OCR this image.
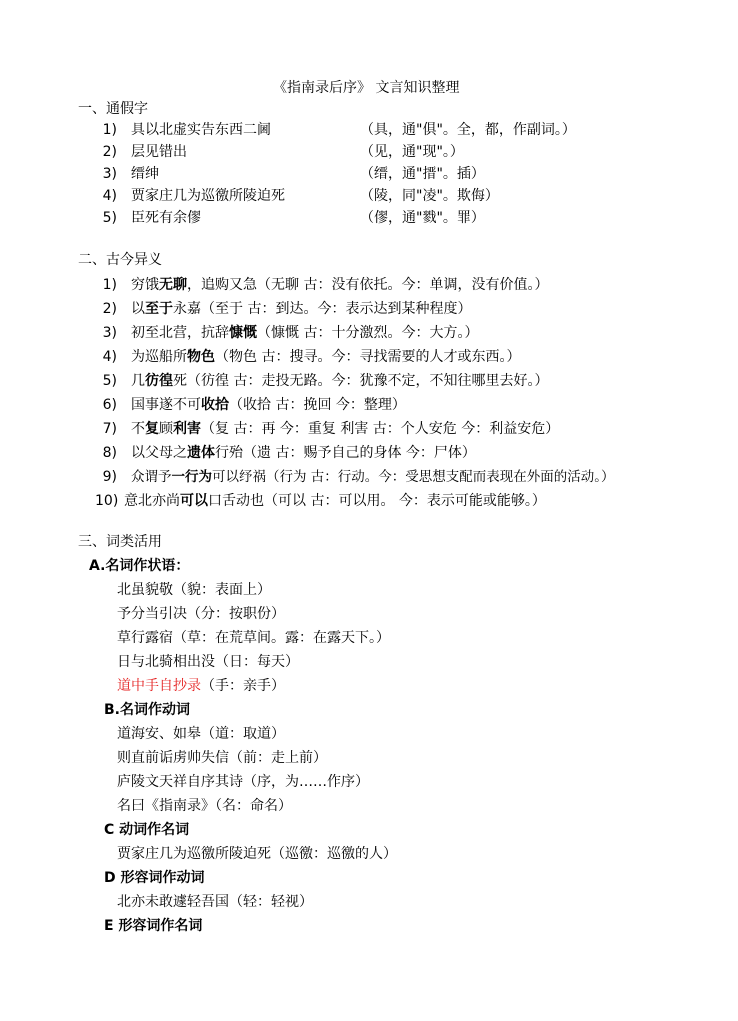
《指南录后序》 文言知识整理
一、通假字
1) 具以北虚实告东西二阃	（具，通"俱"。全，都，作副词。）
2) 层见错出	（见，通"现"。）
3) 缙绅	（缙，通"搢"。插）
4) 贾家庄几为巡徼所陵迫死	（陵，同"凌"。欺侮）
5) 臣死有余僇	（僇，通"戮"。罪）
二、古今异义
1) 穷饿无聊，追购又急（无聊 古：没有依托。今：单调，没有价值。）
2) 以至于永嘉（至于 古：到达。今：表示达到某种程度）
3) 初至北营，抗辞慷慨（慷慨 古：十分激烈。今：大方。）
4) 为巡船所物色（物色 古：搜寻。今：寻找需要的人才或东西。）
5) 几彷徨死（彷徨 古：走投无路。今：犹豫不定，不知往哪里去好。）
6) 国事遂不可收拾（收拾 古：挽回 今：整理）
7) 不复顾利害（复 古：再 今：重复 利害 古：个人安危 今：利益安危）
8) 以父母之遗体行殆（遗 古：赐予自己的身体 今：尸体）
9) 众谓予一行为可以纾祸（行为 古：行动。今：受思想支配而表现在外面的活动。）
10) 意北亦尚可以口舌动也（可以 古：可以用。 今：表示可能或能够。）
三、词类活用
A.名词作状语：
北虽貌敬（貌：表面上）
予分当引决（分：按职份）
草行露宿（草：在荒草间。露：在露天下。）
日与北骑相出没（日：每天）
道中手自抄录（手：亲手）
B.名词作动词
道海安、如皋（道：取道）
则直前诟虏帅失信（前：走上前）
庐陵文天祥自序其诗（序，为……作序）
名曰《指南录》（名：命名）
C 动词作名词
贾家庄几为巡徼所陵迫死（巡徼：巡徼的人）
D 形容词作动词
北亦未敢遽轻吾国（轻：轻视）
E 形容词作名词
